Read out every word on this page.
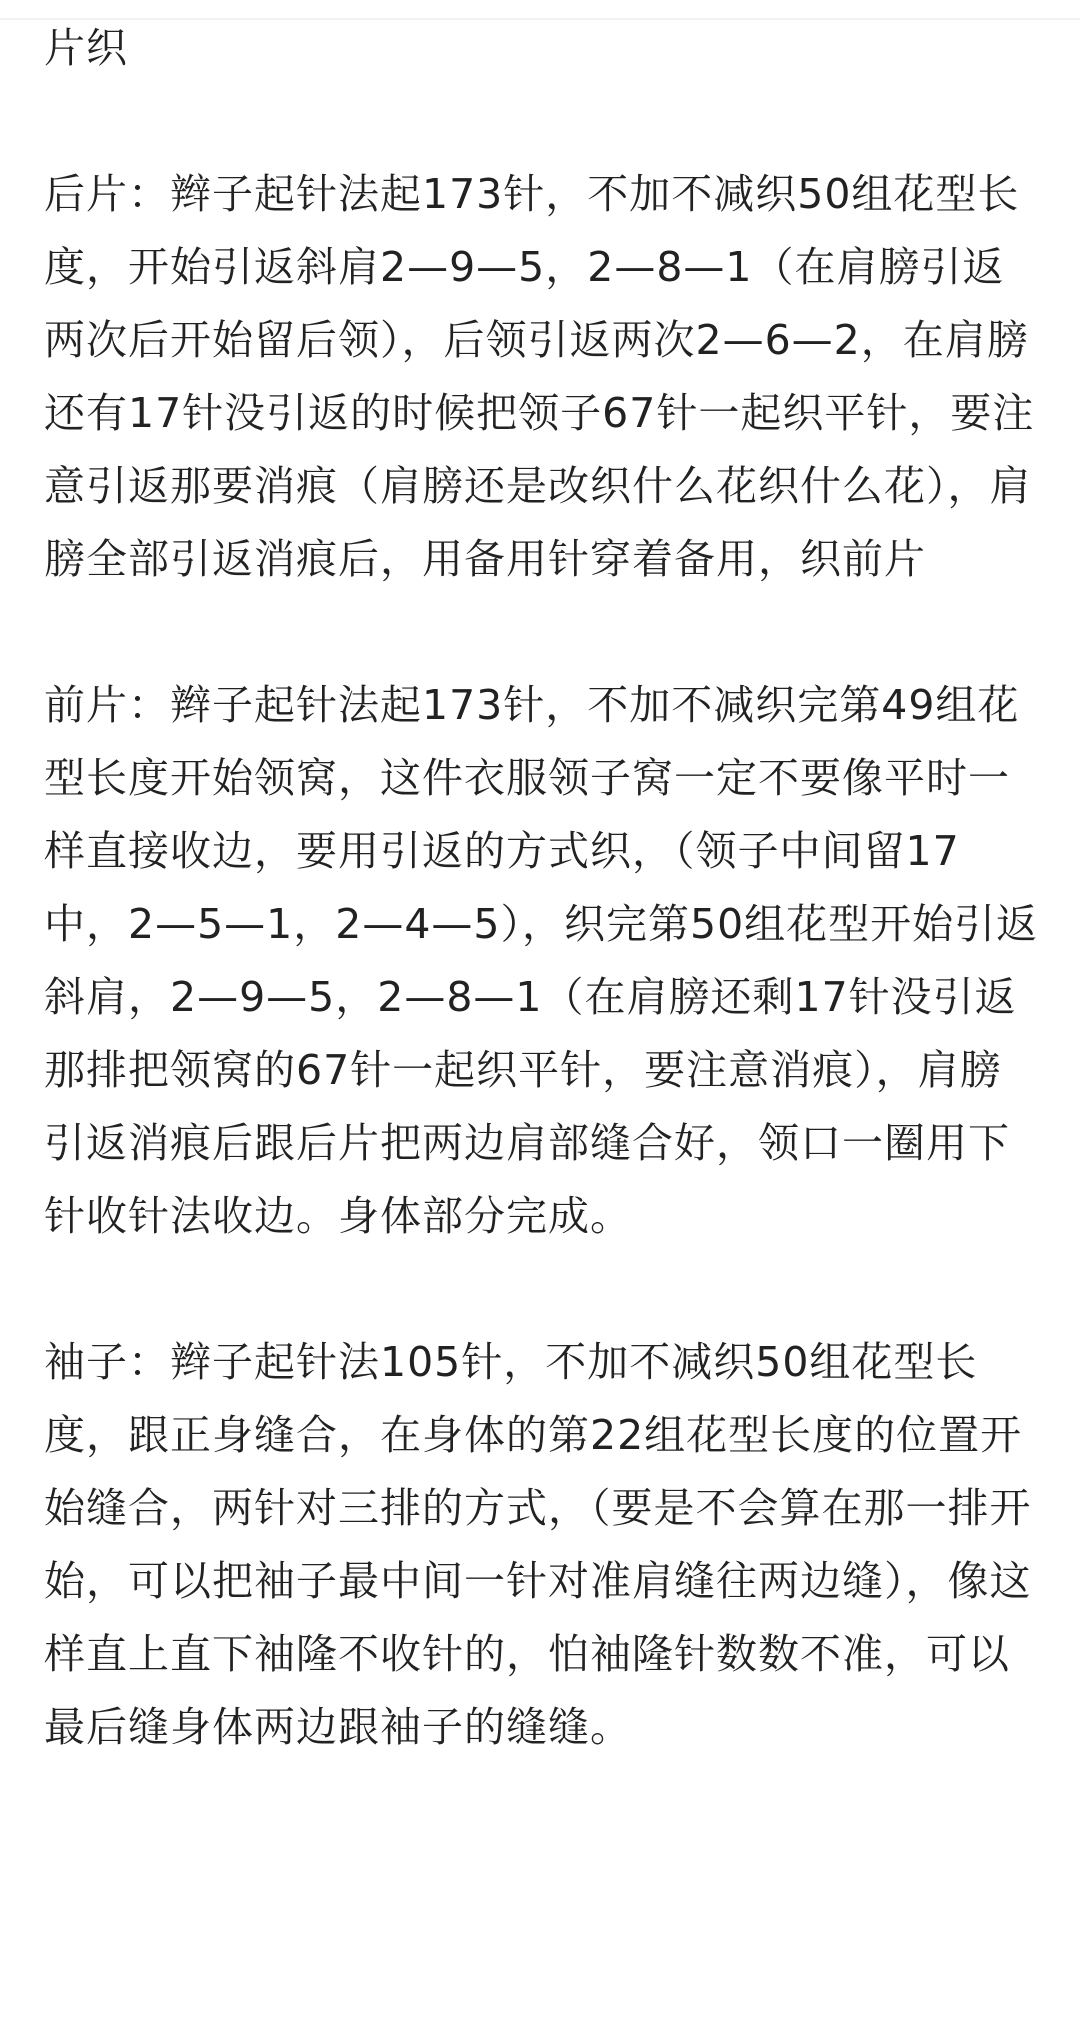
片织

后片：辫子起针法起173针，不加不减织50组花型长度，开始引返斜肩2—9—5，2—8—1（在肩膀引返两次后开始留后领），后领引返两次2—6—2，在肩膀还有17针没引返的时候把领子67针一起织平针，要注意引返那要消痕（肩膀还是改织什么花织什么花），肩膀全部引返消痕后，用备用针穿着备用，织前片

前片：辫子起针法起173针，不加不减织完第49组花型长度开始领窝，这件衣服领子窝一定不要像平时一样直接收边，要用引返的方式织，（领子中间留17中，2—5—1，2—4—5），织完第50组花型开始引返斜肩，2—9—5，2—8—1（在肩膀还剩17针没引返那排把领窝的67针一起织平针，要注意消痕），肩膀引返消痕后跟后片把两边肩部缝合好，领口一圈用下针收针法收边。身体部分完成。

袖子：辫子起针法105针，不加不减织50组花型长度，跟正身缝合，在身体的第22组花型长度的位置开始缝合，两针对三排的方式，（要是不会算在那一排开始，可以把袖子最中间一针对准肩缝往两边缝），像这样直上直下袖隆不收针的，怕袖隆针数数不准，可以最后缝身体两边跟袖子的缝缝。
